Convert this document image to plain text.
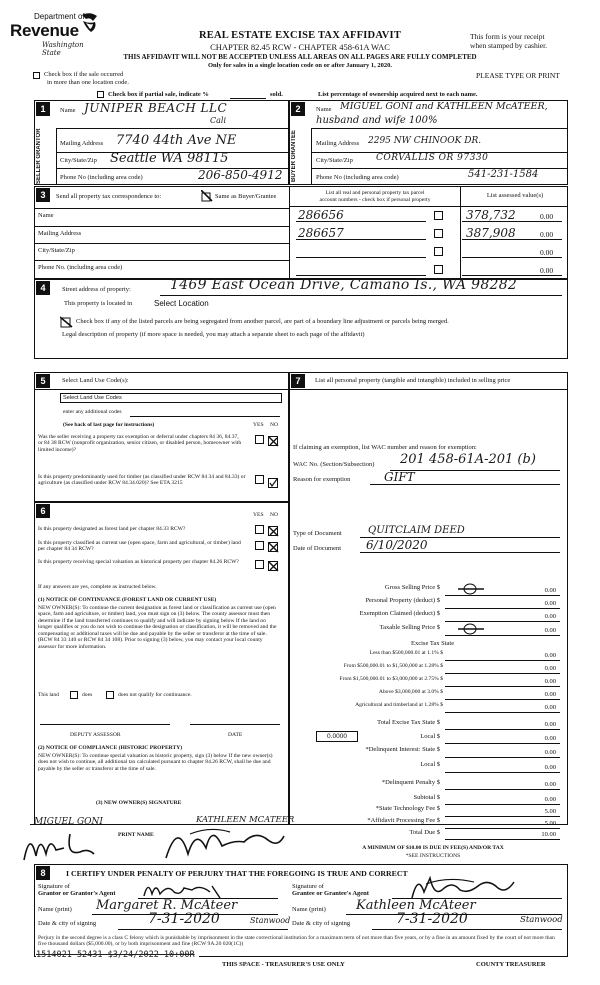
Department of
Revenue
Washington State
REAL ESTATE EXCISE TAX AFFIDAVIT
CHAPTER 82.45 RCW - CHAPTER 458-61A WAC
THIS AFFIDAVIT WILL NOT BE ACCEPTED UNLESS ALL AREAS ON ALL PAGES ARE FULLY COMPLETED
Only for sales in a single location code on or after January 1, 2020.
This form is your receipt
when stamped by cashier.
PLEASE TYPE OR PRINT
Check box if the sale occurred
in more than one location code.
Check box if partial sale, indicate %	sold.	List percentage of ownership acquired next to each name.
1	2
SELLER GRANTOR	BUYER GRANTEE
Name JUNIPER BEACH LLC
Cali
Mailing Address 7740 44th Ave NE
City/State/Zip Seattle WA 98115
Phone No (including area code)	206-850-4912
Name MIGUEL GONI and KATHLEEN McATEER,
husband and wife 100%
Mailing Address 2295 NW CHINOOK DR.
City/State/Zip	CORVALLIS OR 97330
Phone No (including area code)	541-231-1584
3	Send all property tax correspondence to:	Same as Buyer/Grantee
Name
Mailing Address
City/State/Zip
Phone No. (including area code)
List all real and personal property tax parcel
account numbers - check box if personal property
List assessed value(s)
286656	378,732	0.00
286657	387,908	0.00
0.00
0.00
4	Street address of property:	1469 East Ocean Drive, Camano Is., WA 98282
This property is located in	Select Location
Check box if any of the listed parcels are being segregated from another parcel, are part of a boundary line adjustment or parcels being merged.
Legal description of property (if more space is needed, you may attach a separate sheet to each page of the affidavit)
5	Select Land Use Code(s):
Select Land Use Codes
enter any additional codes
(See back of last page for instructions)	YES NO
Was the seller receiving a property tax exemption or deferral under chapters 84 36, 84.37, or 84 38 RCW (nonprofit organization, senior citizen, or disabled person, homeowner with limited income)?
Is this property predominantly used for timber (as classified under RCW 84 34 and 84.33) or agriculture (as classified under RCW 84.34.020)? See ETA 3215
6	YES NO
Is this property designated as forest land per chapter 84.33 RCW?
Is this property classified as current use (open space, farm and agricultural, or timber) land per chapter 84 34 RCW?
Is this property receiving special valuation as historical property per chapter 84.26 RCW?
If any answers are yes, complete as instructed below.
(1) NOTICE OF CONTINUANCE (FOREST LAND OR CURRENT USE)
NEW OWNER(S): To continue the current designation as forest land or classification as current use (open space, farm and agriculture, or timber) land, you must sign on (3) below. The county assessor must then determine if the land transferred continues to qualify and will indicate by signing below If the land no longer qualifies or you do not wish to continue the designation or classification, it will be removed and the compensating or additional taxes will be due and payable by the seller or transferor at the time of sale. (RCW 84 33 140 or RCW 84 34 108). Prior to signing (3) below, you may contact your local county assessor for more information.
This land	does	does not qualify for continuance.
DEPUTY ASSESSOR	DATE
(2) NOTICE OF COMPLIANCE (HISTORIC PROPERTY)
NEW OWNER(S): To continue special valuation as historic property, sign (3) below If the new owner(s) does not wish to continue, all additional tax calculated pursuant to chapter 84.26 RCW, shall be due and payable by the seller or transferor at the time of sale.
(3) NEW OWNER(S) SIGNATURE
MIGUEL GONI	KATHLEEN MCATEER
PRINT NAME
7	List all personal property (tangible and intangible) included in selling price
If claiming an exemption, list WAC number and reason for exemption:
WAC No. (Section/Subsection) 201 458-61A-201 (b)
Reason for exemption	GIFT
Type of Document	QUITCLAIM DEED
Date of Document 6/10/2020
Gross Selling Price $	0.00
Personal Property (deduct) $	0.00
Exemption Claimed (deduct) $	0.00
Taxable Selling Price $	0.00
Excise Tax State
Less than $500,000.01 at 1.1% $	0.00
From $500,000.01 to $1,500,000 at 1.28% $	0.00
From $1,500,000.01 to $3,000,000 at 2.75% $	0.00
Above $3,000,000 at 3.0% $	0.00
Agricultural and timberland at 1.28% $	0.00
Total Excise Tax State $	0.00
0.0000	Local $	0.00
*Delinquent Interest: State $	0.00
Local $	0.00
*Delinquent Penalty $	0.00
Subtotal $	0.00
*State Technology Fee $	5.00
*Affidavit Processing Fee $	5.00
Total Due $	10.00
A MINIMUM OF $10.00 IS DUE IN FEE(S) AND/OR TAX
*SEE INSTRUCTIONS
8	I CERTIFY UNDER PENALTY OF PERJURY THAT THE FOREGOING IS TRUE AND CORRECT
Signature of
Grantor or Grantor's Agent
Name (print) Margaret R. McAteer
Date & city of signing	7-31-2020	Stanwood
Signature of
Grantee or Grantee's Agent
Name (print) Kathleen McAteer
Date & city of signing	7-31-2020	Stanwood
Perjury in the second degree is a class C felony which is punishable by imprisonment in the state correctional institution for a maximum term of not more than five years, or by a fine in an amount fixed by the court of not more than five thousand dollars ($5,000.00), or by both imprisonment and fine (RCW 9A.20 020(1C))
1514021 52431 $3/24/2022 10:00R
THIS SPACE - TREASURER'S USE ONLY	COUNTY TREASURER
